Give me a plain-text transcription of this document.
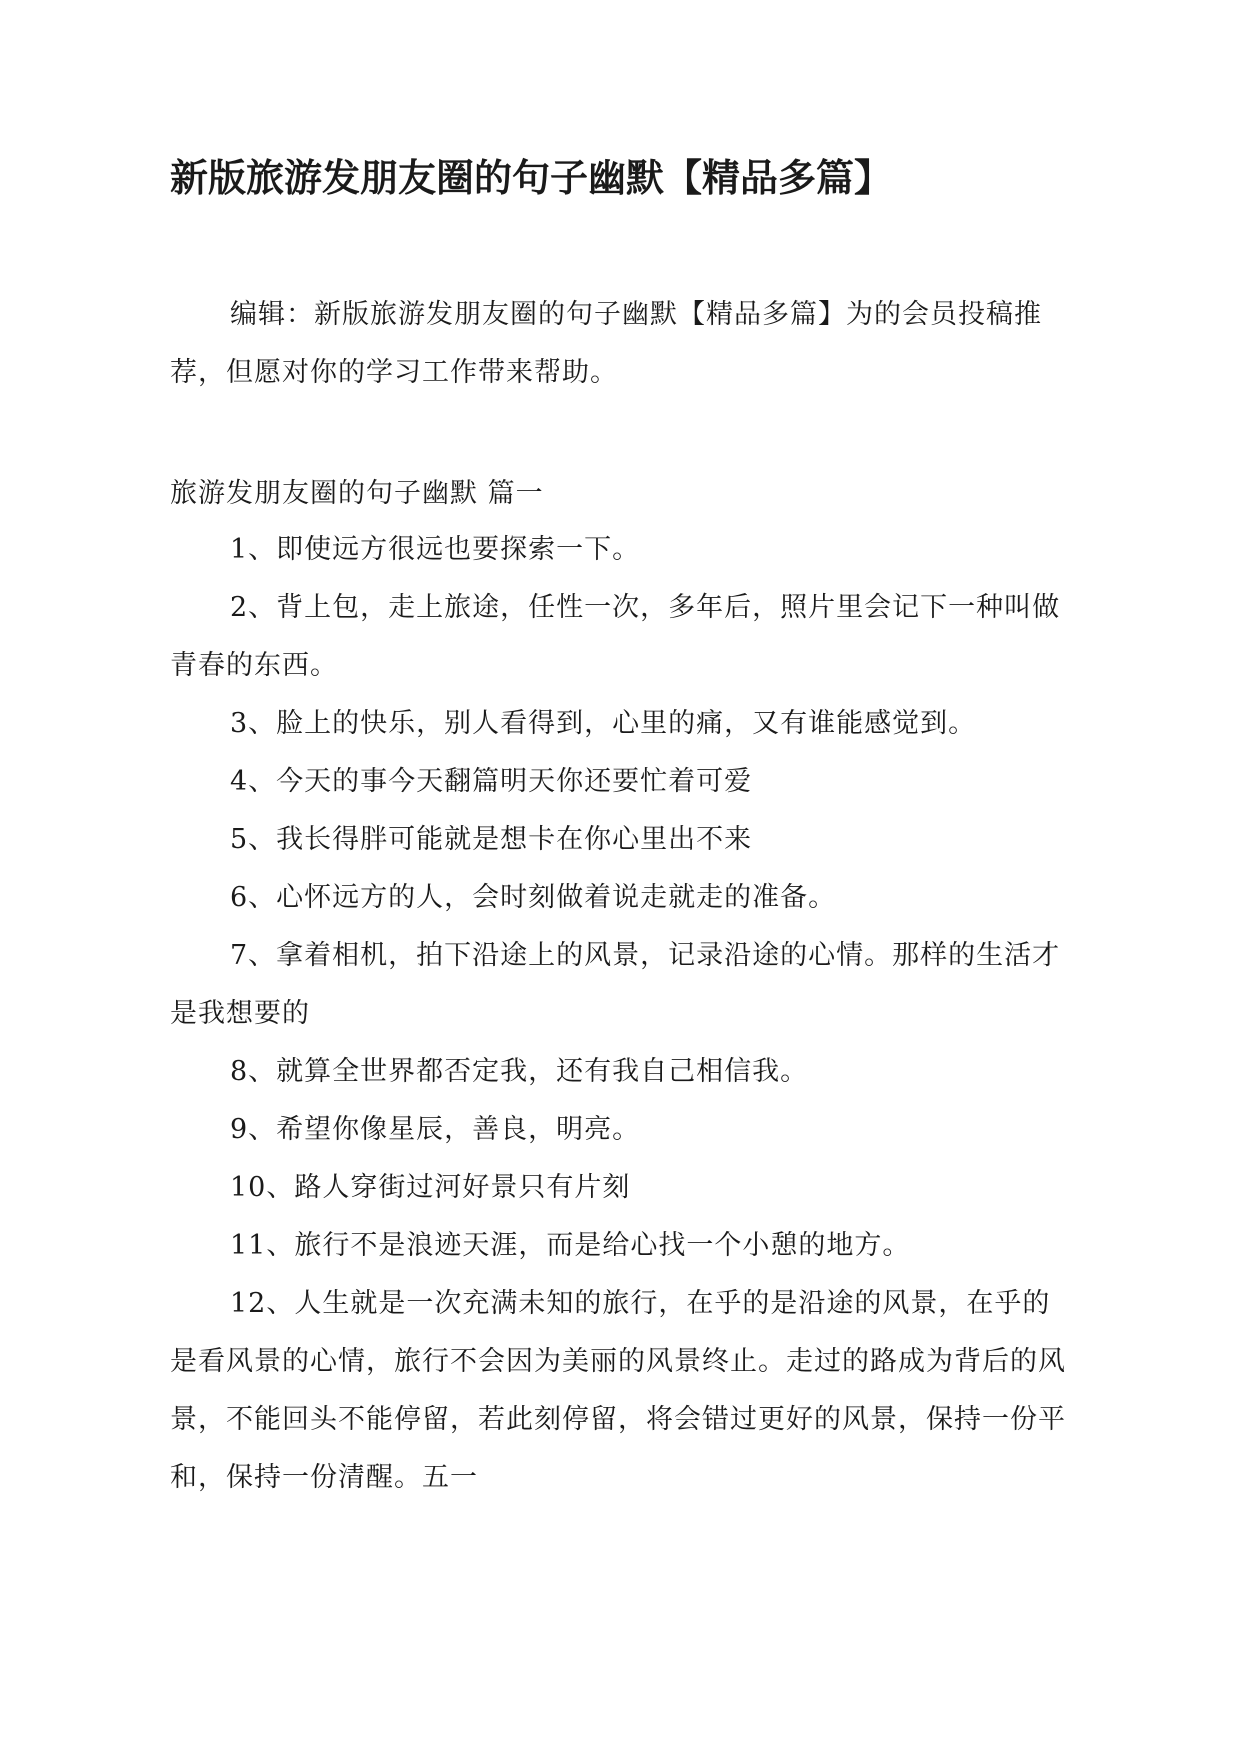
新版旅游发朋友圈的句子幽默【精品多篇】

编辑：新版旅游发朋友圈的句子幽默【精品多篇】为的会员投稿推荐，但愿对你的学习工作带来帮助。

旅游发朋友圈的句子幽默 篇一

1、即使远方很远也要探索一下。
2、背上包，走上旅途，任性一次，多年后，照片里会记下一种叫做青春的东西。
3、脸上的快乐，别人看得到，心里的痛，又有谁能感觉到。
4、今天的事今天翻篇明天你还要忙着可爱
5、我长得胖可能就是想卡在你心里出不来
6、心怀远方的人，会时刻做着说走就走的准备。
7、拿着相机，拍下沿途上的风景，记录沿途的心情。那样的生活才是我想要的
8、就算全世界都否定我，还有我自己相信我。
9、希望你像星辰，善良，明亮。
10、路人穿街过河好景只有片刻
11、旅行不是浪迹天涯，而是给心找一个小憩的地方。
12、人生就是一次充满未知的旅行，在乎的是沿途的风景，在乎的是看风景的心情，旅行不会因为美丽的风景终止。走过的路成为背后的风景，不能回头不能停留，若此刻停留，将会错过更好的风景，保持一份平和，保持一份清醒。五一
